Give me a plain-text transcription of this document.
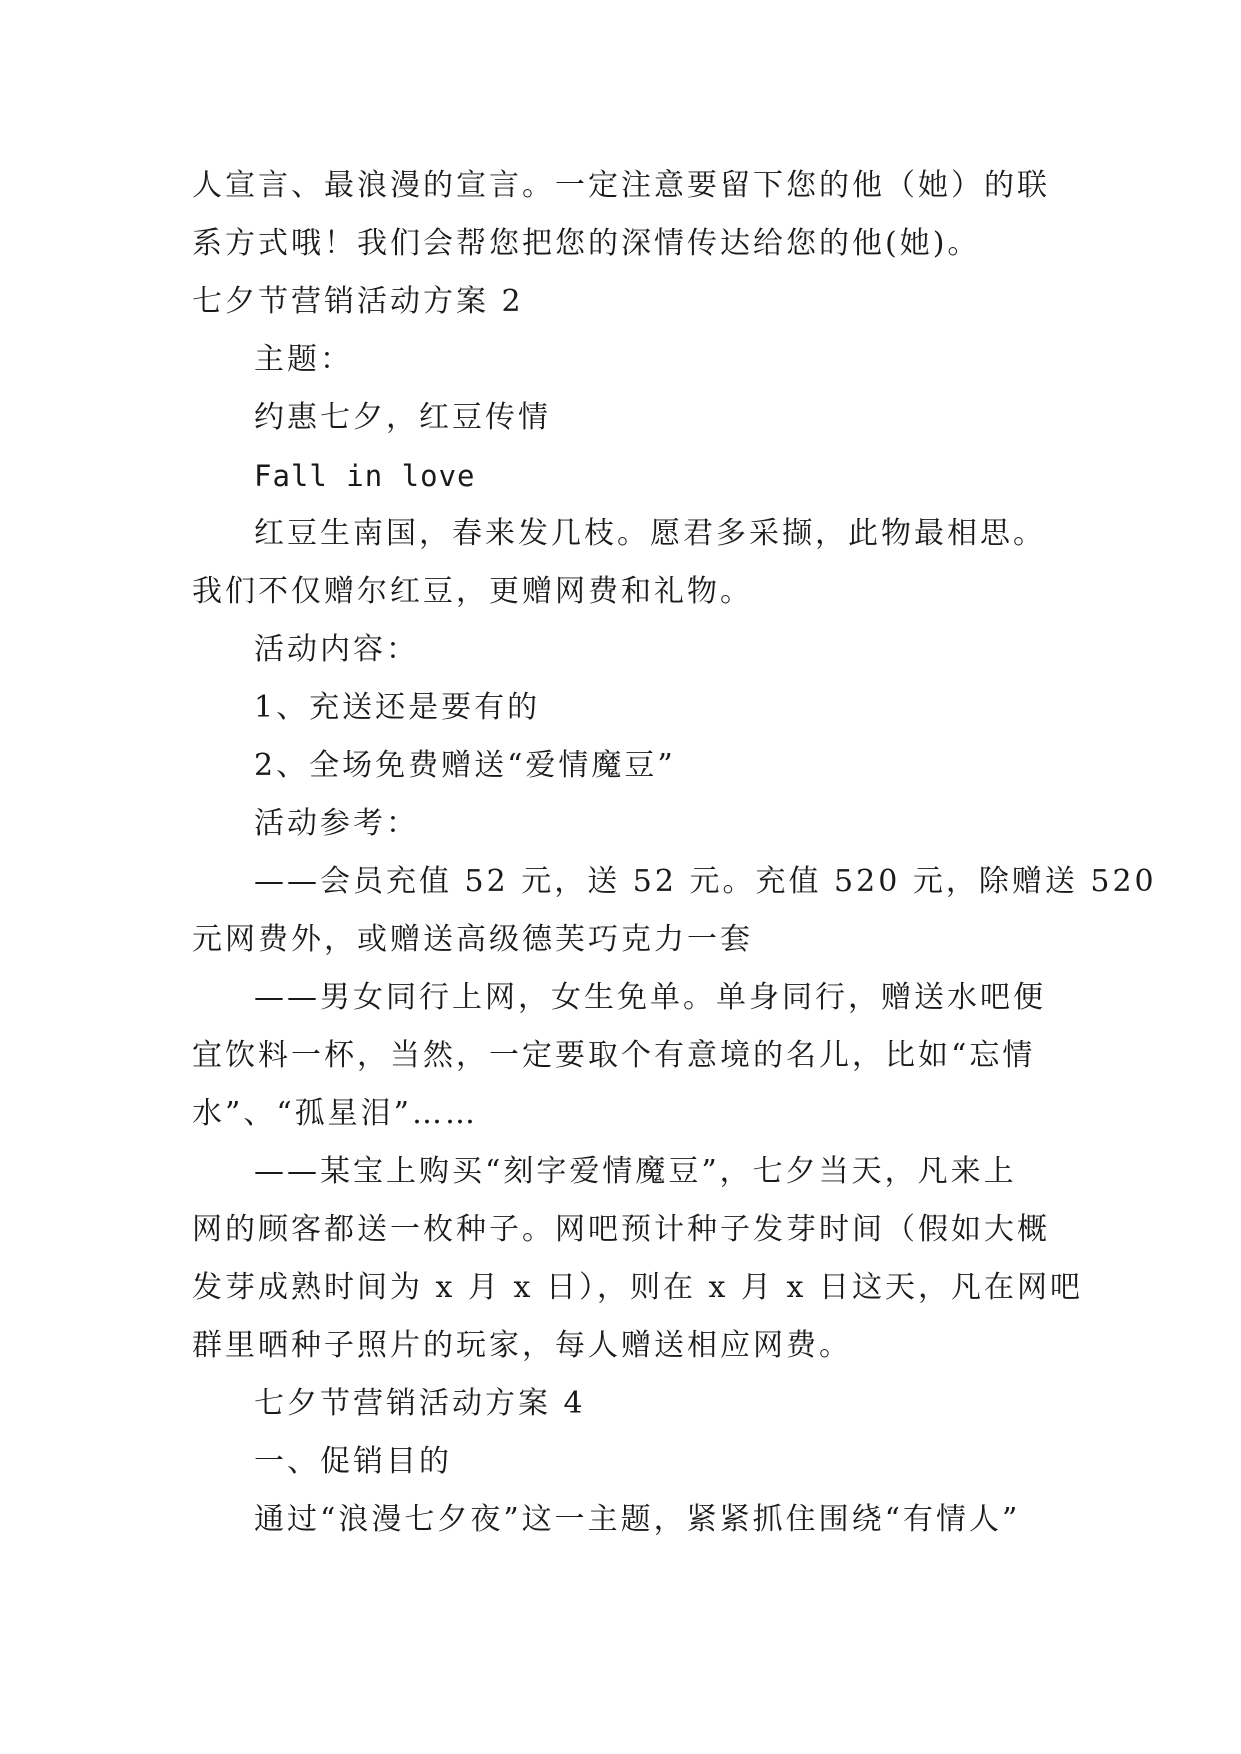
人宣言、最浪漫的宣言。一定注意要留下您的他（她）的联
系方式哦！我们会帮您把您的深情传达给您的他(她)。
七夕节营销活动方案 2
主题：
约惠七夕，红豆传情
Fall in love
红豆生南国，春来发几枝。愿君多采撷，此物最相思。
我们不仅赠尔红豆，更赠网费和礼物。
活动内容：
1、充送还是要有的
2、全场免费赠送“爱情魔豆”
活动参考：
——会员充值 52 元，送 52 元。充值 520 元，除赠送 520
元网费外，或赠送高级德芙巧克力一套
——男女同行上网，女生免单。单身同行，赠送水吧便
宜饮料一杯，当然，一定要取个有意境的名儿，比如“忘情
水”、“孤星泪”……
——某宝上购买“刻字爱情魔豆”，七夕当天，凡来上
网的顾客都送一枚种子。网吧预计种子发芽时间（假如大概
发芽成熟时间为 x 月 x 日），则在 x 月 x 日这天，凡在网吧
群里晒种子照片的玩家，每人赠送相应网费。
七夕节营销活动方案 4
一、促销目的
通过“浪漫七夕夜”这一主题，紧紧抓住围绕“有情人”
